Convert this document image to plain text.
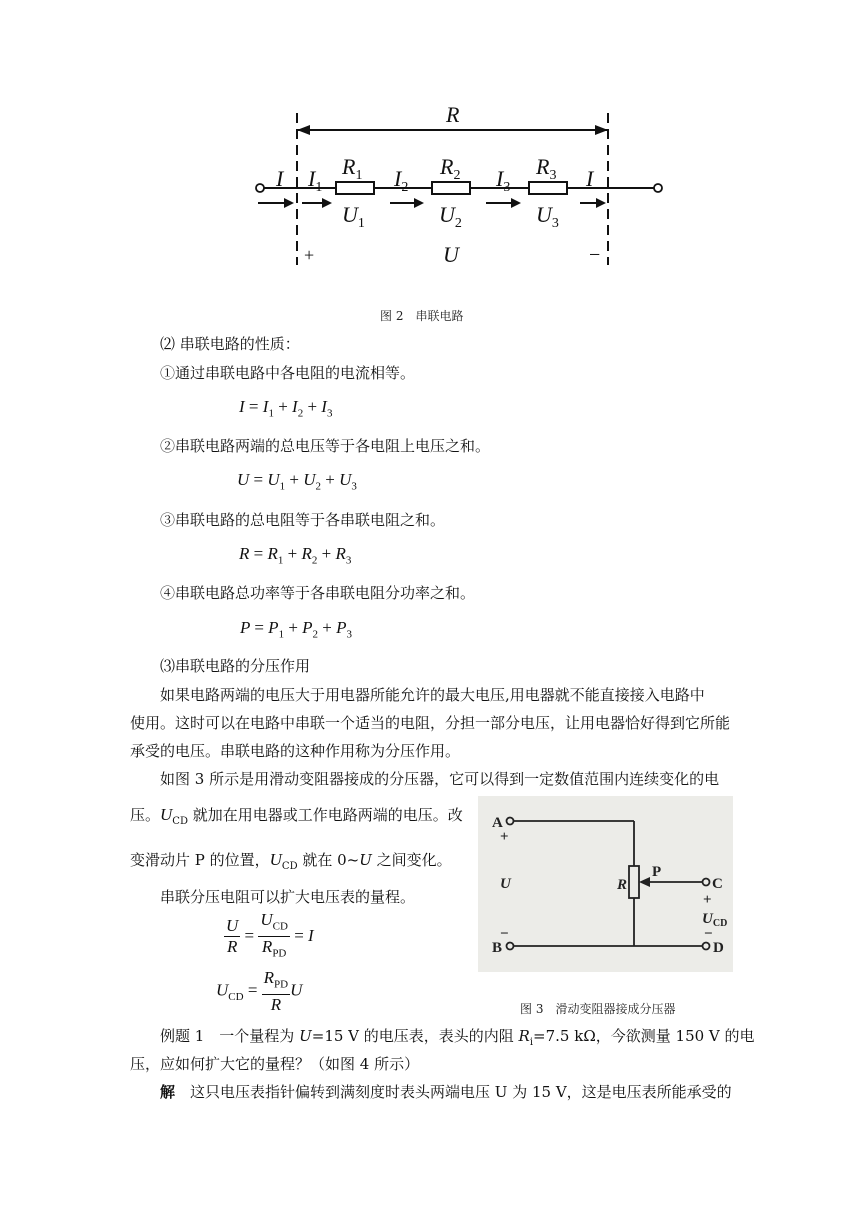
R
I $I_1$
$R_1$ $I_2$
$R_2$ $I_3$
$R_3$ I
$U_1$	$U_2$	$U_3$
U
+	−
图 2　串联电路
⑵ 串联电路的性质：
①通过串联电路中各电阻的电流相等。
$I = I_1 + I_2 + I_3$
②串联电路两端的总电压等于各电阻上电压之和。
$U = U_1 + U_2 + U_3$
③串联电路的总电阻等于各串联电阻之和。
$R = R_1 + R_2 + R_3$
④串联电路总功率等于各串联电阻分功率之和。
$P = P_1 + P_2 + P_3$
⑶串联电路的分压作用
如果电路两端的电压大于用电器所能允许的最大电压,用电器就不能直接接入电路中
使用。这时可以在电路中串联一个适当的电阻，分担一部分电压，让用电器恰好得到它所能
承受的电压。串联电路的这种作用称为分压作用。
如图 3 所示是用滑动变阻器接成的分压器，它可以得到一定数值范围内连续变化的电
压。$U_{CD}$ 就加在用电器或工作电路两端的电压。改
变滑动片 P 的位置，$U_{CD}$ 就在 0~U 之间变化。
串联分压电阻可以扩大电压表的量程。
$\frac{U}{R} = \frac{U_{CD}}{R_{PD}} = I$
$U_{CD} = \frac{R_{PD}}{R}$ U
A
+
U	R
P
C
+
$U_{CD}$
B
−
D
−
图 3　滑动变阻器接成分压器
例题 1　一个量程为 U=15 V 的电压表，表头的内阻 $R_i=7.5$ kΩ，今欲测量 150 V 的电
压，应如何扩大它的量程？（如图 4 所示）
解　这只电压表指针偏转到满刻度时表头两端电压 U 为 15 V，这是电压表所能承受的
